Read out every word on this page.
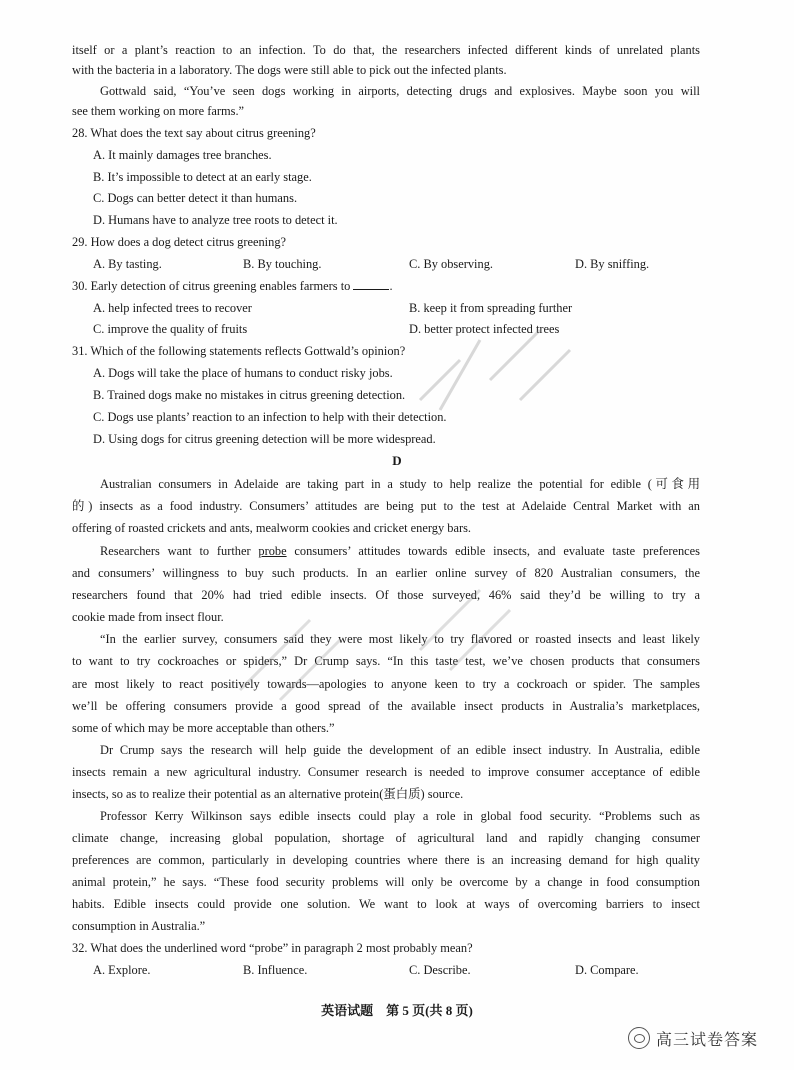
itself or a plant’s reaction to an infection. To do that, the researchers infected different kinds of unrelated plants
with the bacteria in a laboratory. The dogs were still able to pick out the infected plants.
Gottwald said, “You’ve seen dogs working in airports, detecting drugs and explosives. Maybe soon you will
see them working on more farms.”
28. What does the text say about citrus greening?
A. It mainly damages tree branches.
B. It’s impossible to detect at an early stage.
C. Dogs can better detect it than humans.
D. Humans have to analyze tree roots to detect it.
29. How does a dog detect citrus greening?
A. By tasting.	B. By touching.	C. By observing.	D. By sniffing.
30. Early detection of citrus greening enables farmers to	.
A. help infected trees to recover	B. keep it from spreading further
C. improve the quality of fruits	D. better protect infected trees
31. Which of the following statements reflects Gottwald’s opinion?
A. Dogs will take the place of humans to conduct risky jobs.
B. Trained dogs make no mistakes in citrus greening detection.
C. Dogs use plants’ reaction to an infection to help with their detection.
D. Using dogs for citrus greening detection will be more widespread.
D
Australian consumers in Adelaide are taking part in a study to help realize the potential for edible (可食用
的) insects as a food industry. Consumers’ attitudes are being put to the test at Adelaide Central Market with an
offering of roasted crickets and ants, mealworm cookies and cricket energy bars.
Researchers want to further probe consumers’ attitudes towards edible insects, and evaluate taste preferences
and consumers’ willingness to buy such products. In an earlier online survey of 820 Australian consumers, the
researchers found that 20% had tried edible insects. Of those surveyed, 46% said they’d be willing to try a
cookie made from insect flour.
“In the earlier survey, consumers said they were most likely to try flavored or roasted insects and least likely
to want to try cockroaches or spiders,” Dr Crump says. “In this taste test, we’ve chosen products that consumers
are most likely to react positively towards—apologies to anyone keen to try a cockroach or spider. The samples
we’ll be offering consumers provide a good spread of the available insect products in Australia’s marketplaces,
some of which may be more acceptable than others.”
Dr Crump says the research will help guide the development of an edible insect industry. In Australia, edible
insects remain a new agricultural industry. Consumer research is needed to improve consumer acceptance of edible
insects, so as to realize their potential as an alternative protein(蛋白质) source.
Professor Kerry Wilkinson says edible insects could play a role in global food security. “Problems such as
climate change, increasing global population, shortage of agricultural land and rapidly changing consumer
preferences are common, particularly in developing countries where there is an increasing demand for high quality
animal protein,” he says. “These food security problems will only be overcome by a change in food consumption
habits. Edible insects could provide one solution. We want to look at ways of overcoming barriers to insect
consumption in Australia.”
32. What does the underlined word “probe” in paragraph 2 most probably mean?
A. Explore.	B. Influence.	C. Describe.	D. Compare.
英语试题　第 5 页(共 8 页)
高三试卷答案
